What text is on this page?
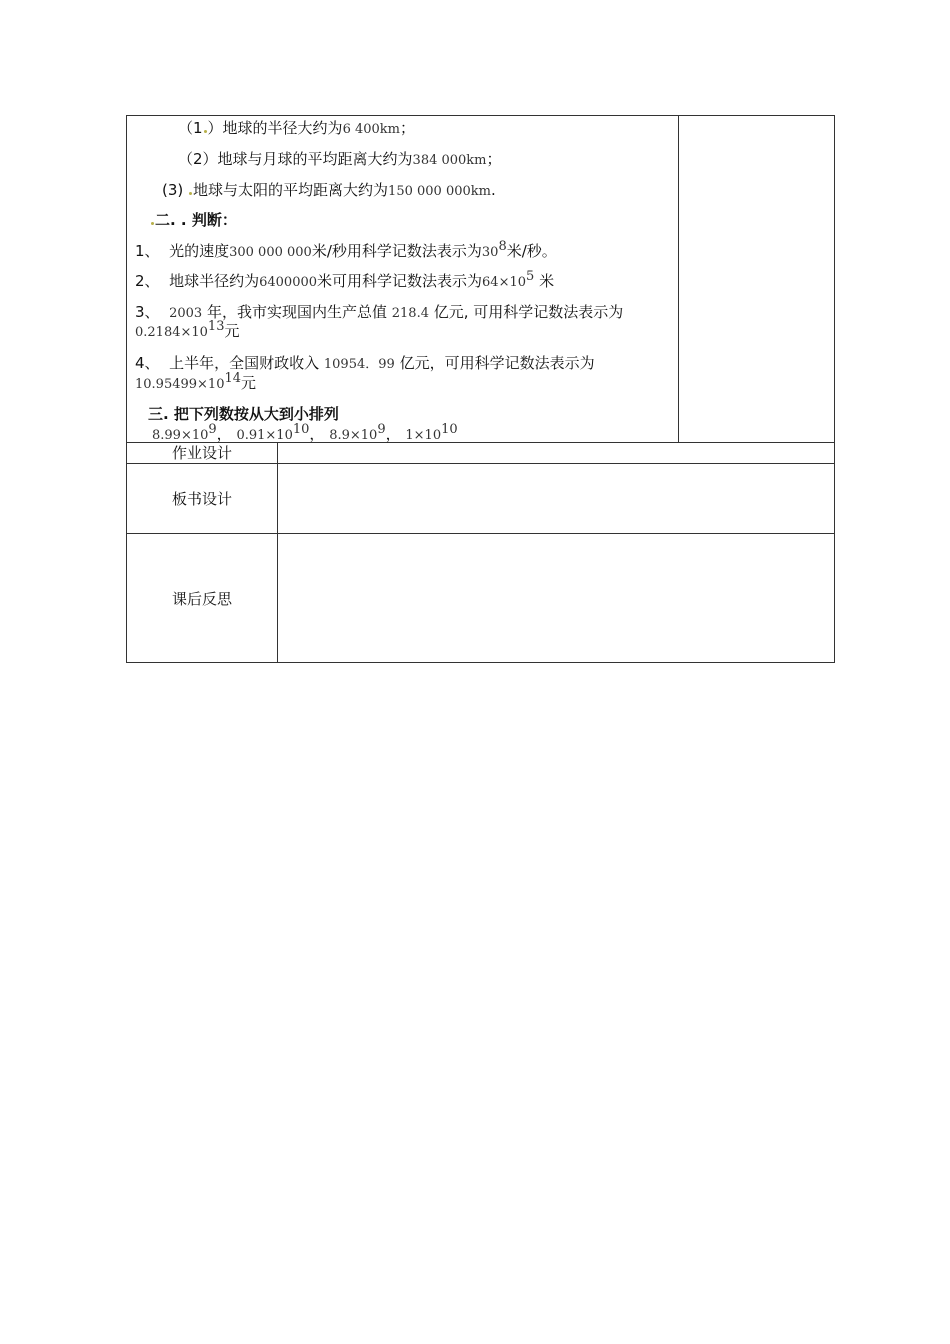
（1 ）地球的半径大约为6 400km；
（2）地球与月球的平均距离大约为384 000km；
(3) 地球与太阳的平均距离大约为150 000 000km.
二. . 判断：
1、 光的速度300 000 000米/秒用科学记数法表示为$30^8$米/秒。
2、 地球半径约为6400000米可用科学记数法表示为$64\times 10^5$ 米
3、 2003 年，我市实现国内生产总值 218.4 亿元, 可用科学记数法表示为
$0.2184\times 10^{13}$元
4、 上半年，全国财政收入 10954．99 亿元，可用科学记数法表示为
$10.95499\times 10^{14}$元
三. 把下列数按从大到小排列
$8.99\times 10^9$， $0.91\times 10^{10}$， $8.9\times 10^9$， $1\times 10^{10}$
作业设计
板书设计
课后反思
